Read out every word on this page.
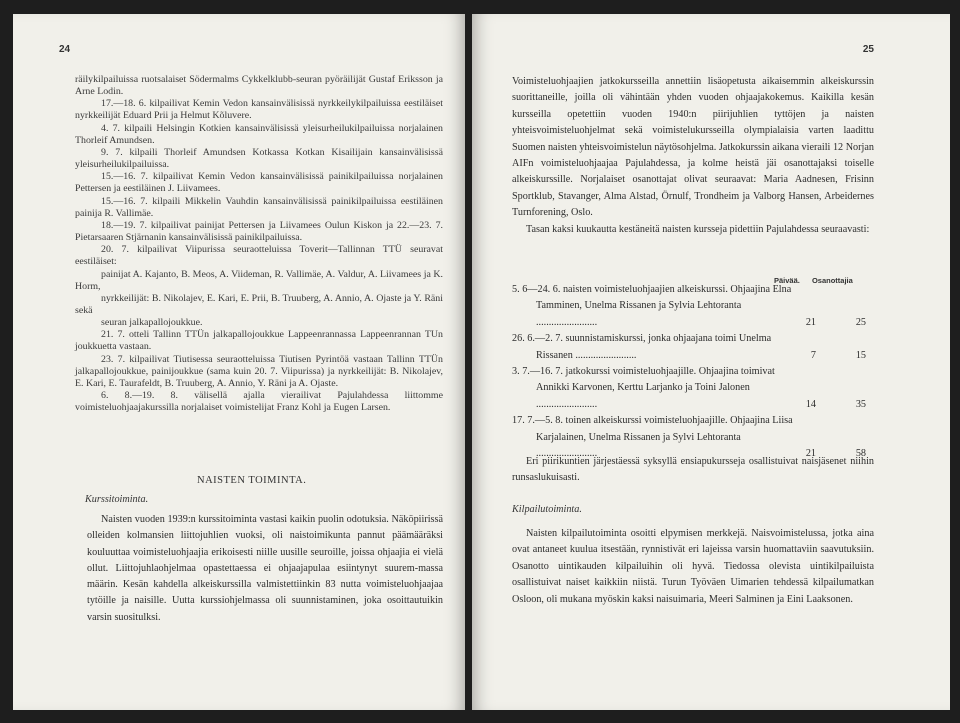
24

räilykilpailuissa ruotsalaiset Södermalms Cykkelklubb-seuran pyöräilijät Gustaf Eriksson ja Arne Lodin.

17.—18. 6. kilpailivat Kemin Vedon kansainvälisissä nyrkkeilykilpailuissa eestiläiset nyrkkeilijät Eduard Prii ja Helmut Kõluvere.

4. 7. kilpaili Helsingin Kotkien kansainvälisissä yleisurheilukilpailuissa norjalainen Thorleif Amundsen.

9. 7. kilpaili Thorleif Amundsen Kotkassa Kotkan Kisailijain kansainvälisissä yleisurheilukilpailuissa.

15.—16. 7. kilpailivat Kemin Vedon kansainvälisissä painikilpailuissa norjalainen Pettersen ja eestiläinen J. Liivamees.

15.—16. 7. kilpaili Mikkelin Vauhdin kansainvälisissä painikilpailuissa eestiläinen painija R. Vallimäe.

18.—19. 7. kilpailivat painijat Pettersen ja Liivamees Oulun Kiskon ja 22.—23. 7. Pietarsaaren Stjärnanin kansainvälisissä painikilpailuissa.

20. 7. kilpailivat Viipurissa seuraotteluissa Toverit—Tallinnan TTÜ seuravat eestiläiset:

painijat A. Kajanto, B. Meos, A. Viideman, R. Vallimäe, A. Valdur, A. Liivamees ja K. Horm,

nyrkkeilijät: B. Nikolajev, E. Kari, E. Prii, B. Truuberg, A. Annio, A. Ojaste ja Y. Räni sekä

seuran jalkapallojoukkue.

21. 7. otteli Tallinn TTÜn jalkapallojoukkue Lappeenrannassa Lappeenrannan TUn joukkuetta vastaan.

23. 7. kilpailivat Tiutisessa seuraotteluissa Tiutisen Pyrintöä vastaan Tallinn TTÜn jalkapallojoukkue, painijoukkue (sama kuin 20. 7. Viipurissa) ja nyrkkeilijät: B. Nikolajev, E. Kari, E. Taurafeldt, B. Truuberg, A. Annio, Y. Räni ja A. Ojaste.

6. 8.—19. 8. välisellä ajalla vierailivat Pajulahdessa liittomme voimisteluohjaajakurssilla norjalaiset voimistelijat Franz Kohl ja Eugen Larsen.

NAISTEN TOIMINTA.
Kurssitoiminta.

Naisten vuoden 1939:n kurssitoiminta vastasi kaikin puolin odotuksia. Näköpiirissä olleiden kolmansien liittojuhlien vuoksi, oli naistoimikunta pannut päämääräksi kouluuttaa voimisteluohjaajia erikoisesti niille uusille seuroille, joissa ohjaajia ei vielä ollut. Liittojuhlaohjelmaa opastettaessa ei ohjaajapulaa esiintynyt suurem-massa määrin. Kesän kahdella alkeiskurssilla valmistettiinkin 83 nutta voimisteluohjaajaa tytöille ja naisille. Uutta kurssiohjelmassa oli suunnistaminen, joka osoittautuikin varsin suositulksi.

25

Voimisteluohjaajien jatkokursseilla annettiin lisäopetusta aikaisemmin alkeiskurssin suorittaneille, joilla oli vähintään yhden vuoden ohjaajakokemus. Kaikilla kesän kursseilla opetettiin vuoden 1940:n piirijuhlien tyttöjen ja naisten yhteisvoimisteluohjelmat sekä voimistelukursseilla olympialaisia varten laadittu Suomen naisten yhteisvoimistelun näytösohjelma. Jatkokurssin aikana vieraili 12 Norjan AIFn voimisteluohjaajaa Pajulahdessa, ja kolme heistä jäi osanottajaksi toiselle alkeiskurssille. Norjalaiset osanottajat olivat seuraavat: Maria Aadnesen, Frisinn Sportklub, Stavanger, Alma Alstad, Örnulf, Trondheim ja Valborg Hansen, Arbeidernes Turnforening, Oslo.

Tasan kaksi kuukautta kestäneitä naisten kursseja pidettiin Pajulahdessa seuraavasti:

Päivää. Osanottajia
5. 6—24. 6. naisten voimisteluohjaajien alkeiskurssi. Ohjaajina Elna Tamminen, Unelma Rissanen ja Sylvia Lehtoranta ........................	21	25
26. 6.—2. 7. suunnistamiskurssi, jonka ohjaajana toimi Unelma Rissanen ........................	7	15
3. 7.—16. 7. jatkokurssi voimisteluohjaajille. Ohjaajina toimivat Annikki Karvonen, Kerttu Larjanko ja Toini Jalonen ........................	14	35
17. 7.—5. 8. toinen alkeiskurssi voimisteluohjaajille. Ohjaajina Liisa Karjalainen, Unelma Rissanen ja Sylvi Lehtoranta ........................	21	58

Eri piirikuntien järjestäessä syksyllä ensiapukursseja osallistuivat naisjäsenet niihin runsaslukuisasti.

Kilpailutoiminta.

Naisten kilpailutoiminta osoitti elpymisen merkkejä. Naisvoimistelussa, jotka aina ovat antaneet kuulua itsestään, rynnistivät eri lajeissa varsin huomattaviin saavutuksiin. Osanotto uintikauden kilpailuihin oli hyvä. Tiedossa olevista uintikilpailuista osallistuivat naiset kaikkiin niistä. Turun Työväen Uimarien tehdessä kilpailumatkan Osloon, oli mukana myöskin kaksi naisuimaria, Meeri Salminen ja Eini Laaksonen.
